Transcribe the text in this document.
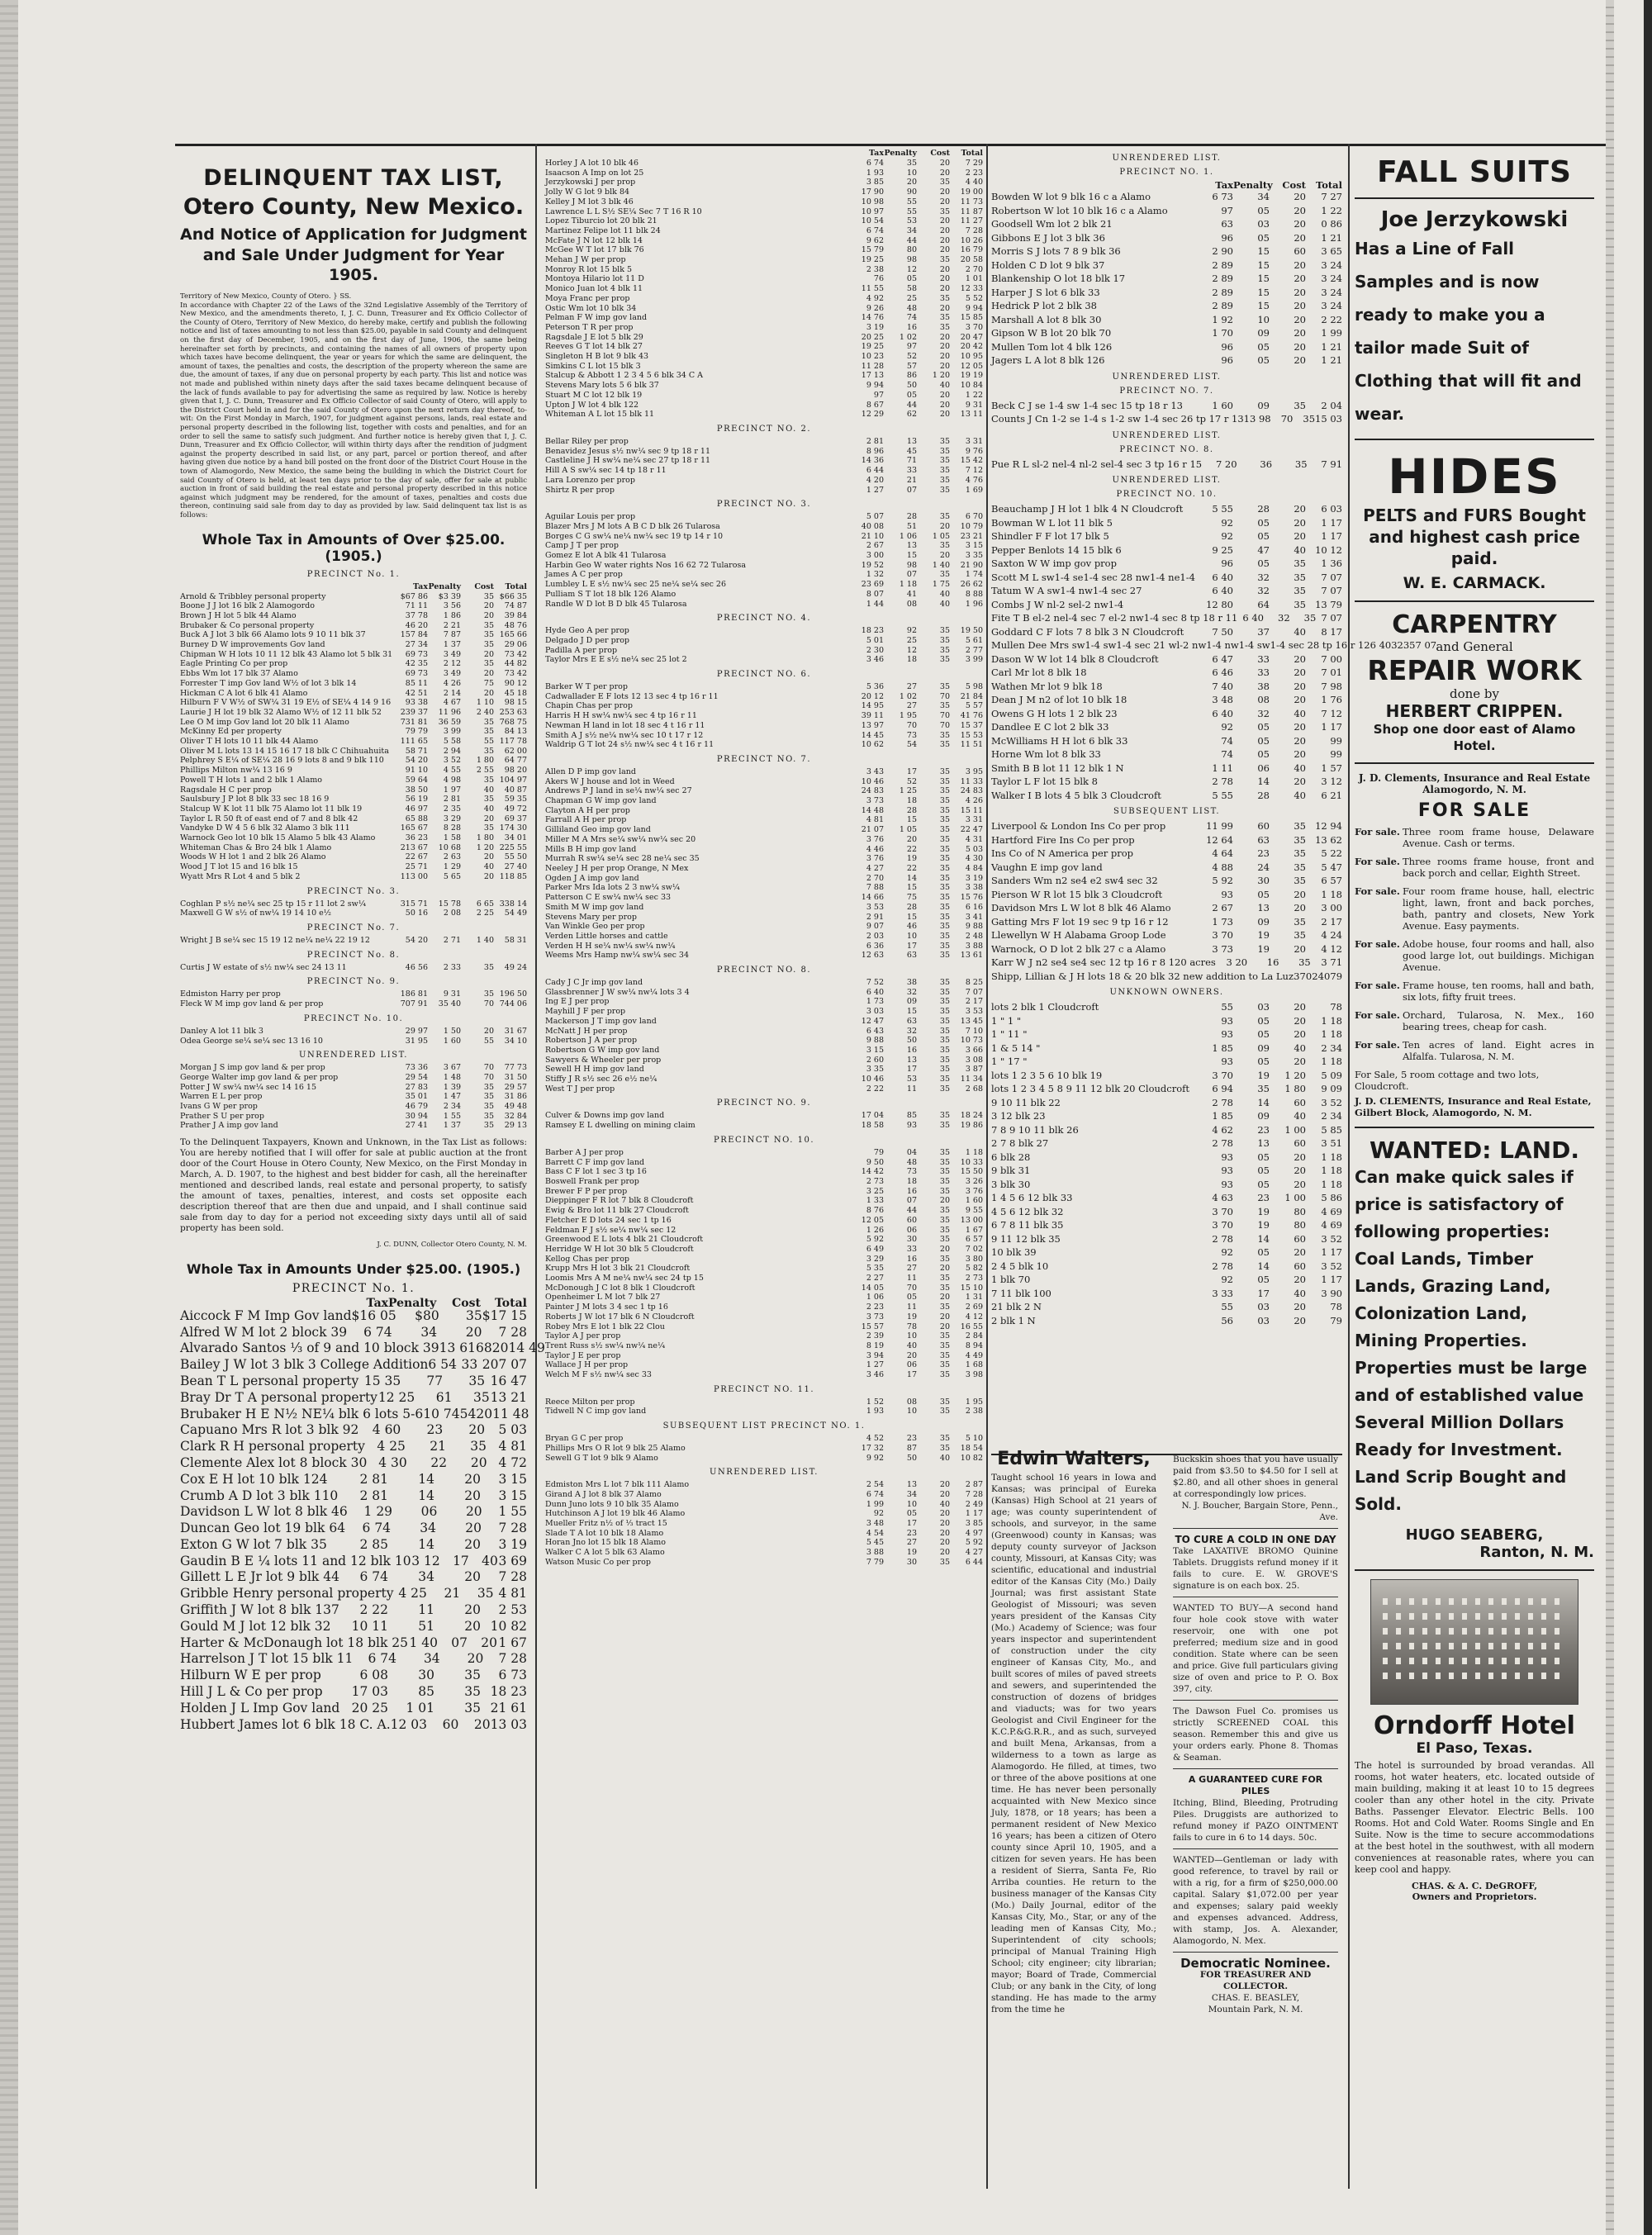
DELINQUENT TAX LIST,
Otero County, New Mexico.
And Notice of Application for Judgment and Sale Under Judgment for Year 1905.
Territory of New Mexico, County of Otero. } SS.
In accordance with Chapter 22 of the Laws of the 32nd Legislative Assembly of the Territory of New Mexico, and the amendments thereto, I, J. C. Dunn, Treasurer and Ex Officio Collector of the County of Otero, Territory of New Mexico, do hereby make, certify and publish the following notice and list of taxes amounting to not less than $25.00, payable in said County and delinquent on the first day of December, 1905, and on the first day of June, 1906, the same being hereinafter set forth by precincts, and containing the names of all owners of property upon which taxes have become delinquent, the year or years for which the same are delinquent, the amount of taxes, the penalties and costs, the description of the property whereon the same are due, the amount of taxes, if any due on personal property by each party. This list and notice was not made and published within ninety days after the said taxes became delinquent because of the lack of funds available to pay for advertising the same as required by law. Notice is hereby given that I, J. C. Dunn, Treasurer and Ex Officio Collector of said County of Otero, will apply to the District Court held in and for the said County of Otero upon the next return day thereof, to-wit: On the First Monday in March, 1907, for judgment against persons, lands, real estate and personal property described in the following list, together with costs and penalties, and for an order to sell the same to satisfy such judgment. And further notice is hereby given that I, J. C. Dunn, Treasurer and Ex Officio Collector, will within thirty days after the rendition of judgment against the property described in said list, or any part, parcel or portion thereof, and after having given due notice by a hand bill posted on the front door of the District Court House in the town of Alamogordo, New Mexico, the same being the building in which the District Court for said County of Otero is held, at least ten days prior to the day of sale, offer for sale at public auction in front of said building the real estate and personal property described in this notice against which judgment may be rendered, for the amount of taxes, penalties and costs due thereon, continuing said sale from day to day as provided by law. Said delinquent tax list is as follows:
Whole Tax in Amounts of Over $25.00. (1905.)
PRECINCT No. 1.
Tax Penalty	Cost	Total
Arnold & Tribbley personal property	$67 86	$3 39	35 $66 35
Boone J J lot 16 blk 2 Alamogordo	71 11	3 56	20	74 87
Brown J H lot 5 blk 44 Alamo	37 78	1 86	20	39 84
Brubaker & Co personal property	46 20	2 21	35	48 76
Buck A J lot 3 blk 66 Alamo lots 9 10 11 blk 37	157 84	7 87	35 165 66
Burney D W improvements Gov land	27 34	1 37	35	29 06
Chipman W H lots 10 11 12 blk 43 Alamo lot 5 blk 31	69 73	3 49	20	73 42
Eagle Printing Co per prop	42 35	2 12	35	44 82
Ebbs Wm lot 17 blk 37 Alamo	69 73	3 49	20	73 42
Forrester T imp Gov land W½ of lot 3 blk 14	85 11	4 26	75	90 12
Hickman C A lot 6 blk 41 Alamo	42 51	2 14	20	45 18
Hilburn F V W½ of SW¼ 31 19 E½ of SE¼ 4 14 9 16	93 38	4 67	1 10	98 15
Laurie J H lot 19 blk 32 Alamo W½ of 12 11 blk 52	239 37	11 96	2 40 253 63
Lee O M imp Gov land lot 20 blk 11 Alamo	731 81	36 59	35 768 75
McKinny Ed per property	79 79	3 99	35	84 13
Oliver T H lots 10 11 blk 44 Alamo	111 65	5 58	55 117 78
Oliver M L lots 13 14 15 16 17 18 blk C Chihuahuita	58 71	2 94	35	62 00
Pelphrey S E¼ of SE¼ 28 16 9 lots 8 and 9 blk 110	54 20	3 52	1 80	64 77
Phillips Milton nw¼ 13 16 9	91 10	4 55	2 55	98 20
Powell T H lots 1 and 2 blk 1 Alamo	59 64	4 98	35 104 97
Ragsdale H C per prop	38 50	1 97	40	40 87
Saulsbury J P lot 8 blk 33 sec 18 16 9	56 19	2 81	35	59 35
Stalcup W K lot 11 blk 75 Alamo lot 11 blk 19	46 97	2 35	40	49 72
Taylor L R 50 ft of east end of 7 and 8 blk 42	65 88	3 29	20	69 37
Vandyke D W 4 5 6 blk 32 Alamo 3 blk 111	165 67	8 28	35 174 30
Warnock Geo lot 10 blk 15 Alamo 5 blk 43 Alamo	36 23	1 58	1 80	34 01
Whiteman Chas & Bro 24 blk 1 Alamo	213 67	10 68	1 20 225 55
Woods W H lot 1 and 2 blk 26 Alamo	22 67	2 63	20	55 50
Wood J T lot 15 and 16 blk 15	25 71	1 29	40	27 40
Wyatt Mrs R Lot 4 and 5 blk 2	113 00	5 65	20 118 85
PRECINCT No. 3.
Coghlan P s½ ne¼ sec 25 tp 15 r 11 lot 2 sw¼	315 71	15 78	6 65 338 14
Maxwell G W s½ of nw¼ 19 14 10 e½	50 16	2 08	2 25	54 49
PRECINCT No. 7.
Wright J B se¼ sec 15 19 12 ne¼ ne¼ 22 19 12	54 20	2 71	1 40	58 31
PRECINCT No. 8.
Curtis J W estate of s½ nw¼ sec 24 13 11	46 56	2 33	35	49 24
PRECINCT No. 9.
Edmiston Harry per prop	186 81	9 31	35 196 50
Fleck W M imp gov land & per prop	707 91	35 40	70 744 06
PRECINCT No. 10.
Danley A lot 11 blk 3	29 97	1 50	20	31 67
Odea George se¼ se¼ sec 13 16 10	31 95	1 60	55	34 10
UNRENDERED LIST.
Morgan J S imp gov land & per prop	73 36	3 67	70	77 73
George Walter imp gov land & per prop	29 54	1 48	70	31 50
Potter J W sw¼ nw¼ sec 14 16 15	27 83	1 39	35	29 57
Warren E L per prop	35 01	1 47	35	31 86
Ivans G W per prop	46 79	2 34	35	49 48
Prather S U per prop	30 94	1 55	35	32 84
Prather J A imp gov land	27 41	1 37	35	29 13
To the Delinquent Taxpayers, Known and Unknown, in the Tax List as follows: You are hereby notified that I will offer for sale at public auction at the front door of the Court House in Otero County, New Mexico, on the First Monday in March, A. D. 1907, to the highest and best bidder for cash, all the hereinafter mentioned and described lands, real estate and personal property, to satisfy the amount of taxes, penalties, interest, and costs set opposite each description thereof that are then due and unpaid, and I shall continue said sale from day to day for a period not exceeding sixty days until all of said property has been sold.
J. C. DUNN, Collector Otero County, N. M.
Whole Tax in Amounts Under $25.00. (1905.)
PRECINCT No. 1.
Tax Penalty	Cost	Total
Aiccock F M Imp Gov land $16 05	$80	35 $17 15
Alfred W M lot 2 block 39	6 74	34	20	7 28
Alvarado Santos ⅓ of 9 and 10 block 39 13 61 68 20 14 49
Bailey J W lot 3 blk 3 College Addition 6 54 33 20 7 07
Bean T L personal property 15 35	77	35 16 47
Bray Dr T A personal property 12 25	61	35 13 21
Brubaker H E N½ NE¼ blk 6 lots 5-6 10 74 54 20 11 48
Capuano Mrs R lot 3 blk 92	4 60	23	20	5 03
Clark R H personal property 4 25	21	35 4 81
Clemente Alex lot 8 block 30 4 30	22	20 4 72
Cox E H lot 10 blk 124	2 81	14	20	3 15
Crumb A D lot 3 blk 110	2 81	14	20	3 15
Davidson L W lot 8 blk 46	1 29	06	20	1 55
Duncan Geo lot 19 blk 64	6 74	34	20	7 28
Exton G W lot 7 blk 35	2 85	14	20	3 19
Gaudin B E ¼ lots 11 and 12 blk 10 3 12 17 40 3 69
Gillett L E Jr lot 9 blk 44	6 74	34	20	7 28
Gribble Henry personal property 4 25	21	35 4 81
Griffith J W lot 8 blk 137	2 22	11	20	2 53
Gould M J lot 12 blk 32	10 11	51	20 10 82
Harter & McDonaugh lot 18 blk 25 1 40	07	20 1 67
Harrelson J T lot 15 blk 11	6 74	34	20	7 28
Hilburn W E per prop	6 08	30	35	6 73
Hill J L & Co per prop	17 03	85	35 18 23
Holden J L Imp Gov land 20 25	1 01	35 21 61
Hubbert James lot 6 blk 18 C. A. 12 03	60	20 13 03
Tax Penalty	Cost	Total
Horley J A lot 10 blk 46	6 74	35	20	7 29
Isaacson A Imp on lot 25	1 93	10	20	2 23
Jerzykowski J per prop	3 85	20	35	4 40
Jolly W G lot 9 blk 84	17 90	90	20	19 00
Kelley J M lot 3 blk 46	10 98	55	20	11 73
Lawrence L L S½ SE¼ Sec 7 T 16 R 10	10 97	55	35	11 87
Lopez Tiburcio lot 20 blk 21	10 54	53	20	11 27
Martinez Felipe lot 11 blk 24	6 74	34	20	7 28
McFate J N lot 12 blk 14	9 62	44	20	10 26
McGee W T lot 17 blk 76	15 79	80	20	16 79
Mehan J W per prop	19 25	98	35	20 58
Monroy R lot 15 blk 5	2 38	12	20	2 70
Montoya Hilario lot 11 D	76	05	20	1 01
Monico Juan lot 4 blk 11	11 55	58	20	12 33
Moya Franc per prop	4 92	25	35	5 52
Ostic Wm lot 10 blk 34	9 26	48	20	9 94
Pelman F W imp gov land	14 76	74	35	15 85
Peterson T R per prop	3 19	16	35	3 70
Ragsdale J E lot 5 blk 29	20 25	1 02	20	20 47
Reeves G T lot 14 blk 27	19 25	97	20	20 42
Singleton H B lot 9 blk 43	10 23	52	20	10 95
Simkins C L lot 15 blk 3	11 28	57	20	12 05
Stalcup & Abbott 1 2 3 4 5 6 blk 34 C A	17 13	86	1 20	19 19
Stevens Mary lots 5 6 blk 37	9 94	50	40	10 84
Stuart M C lot 12 blk 19	97	05	20	1 22
Upton J W lot 4 blk 122	8 67	44	20	9 31
Whiteman A L lot 15 blk 11	12 29	62	20	13 11
PRECINCT NO. 2.
Bellar Riley per prop	2 81	13	35	3 31
Benavidez Jesus s½ nw¼ sec 9 tp 18 r 11	8 96	45	35	9 76
Castleline J H sw¼ ne¼ sec 27 tp 18 r 11	14 36	71	35	15 42
Hill A S sw¼ sec 14 tp 18 r 11	6 44	33	35	7 12
Lara Lorenzo per prop	4 20	21	35	4 76
Shirtz R per prop	1 27	07	35	1 69
PRECINCT NO. 3.
Aguilar Louis per prop	5 07	28	35	6 70
Blazer Mrs J M lots A B C D blk 26 Tularosa	40 08	51	20	10 79
Borges C G sw¼ ne¼ nw¼ sec 19 tp 14 r 10	21 10	1 06	1 05	23 21
Camp J T per prop	2 67	13	35	3 15
Gomez E lot A blk 41 Tularosa	3 00	15	20	3 35
Harbin Geo W water rights Nos 16 62 72 Tularosa	19 52	98	1 40	21 90
James A C per prop	1 32	07	35	1 74
Lumbley L E s½ nw¼ sec 25 ne¼ se¼ sec 26	23 69	1 18	1 75	26 62
Pulliam S T lot 18 blk 126 Alamo	8 07	41	40	8 88
Randle W D lot B D blk 45 Tularosa	1 44	08	40	1 96
PRECINCT NO. 4.
Hyde Geo A per prop	18 23	92	35	19 50
Delgado J D per prop	5 01	25	35	5 61
Padilla A per prop	2 30	12	35	2 77
Taylor Mrs E E s½ ne¼ sec 25 lot 2	3 46	18	35	3 99
PRECINCT NO. 6.
Barker W T per prop	5 36	27	35	5 98
Cadwallader E F lots 12 13 sec 4 tp 16 r 11	20 12	1 02	70	21 84
Chapin Chas per prop	14 95	27	35	5 57
Harris H H sw¼ nw¼ sec 4 tp 16 r 11	39 11	1 95	70	41 76
Newman H land in lot 18 sec 4 t 16 r 11	13 97	70	70	15 37
Smith A J s½ ne¼ nw¼ sec 10 t 17 r 12	14 45	73	35	15 53
Waldrip G T lot 24 s½ nw¼ sec 4 t 16 r 11	10 62	54	35	11 51
PRECINCT NO. 7.
Allen D P imp gov land	3 43	17	35	3 95
Akers W J house and lot in Weed	10 46	52	35	11 33
Andrews P J land in se¼ nw¼ sec 27	24 83	1 25	35	24 83
Chapman G W imp gov land	3 73	18	35	4 26
Clayton A H per prop	14 48	28	35	15 11
Farrall A H per prop	4 81	15	35	3 31
Gilliland Geo imp gov land	21 07	1 05	35	22 47
Miller M A Mrs se¼ sw¼ nw¼ sec 20	3 76	20	35	4 31
Mills B H imp gov land	4 46	22	35	5 03
Murrah R sw¼ se¼ sec 28 ne¼ sec 35	3 76	19	35	4 30
Neeley J H per prop Orange, N Mex	4 27	22	35	4 84
Ogden J A imp gov land	2 70	14	35	3 19
Parker Mrs Ida lots 2 3 nw¼ sw¼	7 88	15	35	3 38
Patterson C E sw¼ nw¼ sec 33	14 66	75	35	15 76
Smith M W imp gov land	3 53	28	35	6 16
Stevens Mary per prop	2 91	15	35	3 41
Van Winkle Geo per prop	9 07	46	35	9 88
Verden Little horses and cattle	2 03	10	35	2 48
Verden H H se¼ nw¼ sw¼ nw¼	6 36	17	35	3 88
Weems Mrs Hamp nw¼ sw¼ sec 34	12 63	63	35	13 61
PRECINCT NO. 8.
Cady J C Jr imp gov land	7 52	38	35	8 25
Glassbrenner J W sw¼ nw¼ lots 3 4	6 40	32	35	7 07
Ing E J per prop	1 73	09	35	2 17
Mayhill J F per prop	3 03	15	35	3 53
Mackerson J T imp gov land	12 47	63	35	13 45
McNatt J H per prop	6 43	32	35	7 10
Robertson J A per prop	9 88	50	35	10 73
Robertson G W imp gov land	3 15	16	35	3 66
Sawyers & Wheeler per prop	2 60	13	35	3 08
Sewell H H imp gov land	3 35	17	35	3 87
Stiffy J R s½ sec 26 e½ ne¼	10 46	53	35	11 34
West T J per prop	2 22	11	35	2 68
PRECINCT NO. 9.
Culver & Downs imp gov land	17 04	85	35	18 24
Ramsey E L dwelling on mining claim	18 58	93	35	19 86
PRECINCT NO. 10.
Barber A J per prop	79	04	35	1 18
Barrett C F imp gov land	9 50	48	35	10 33
Bass C F lot 1 sec 3 tp 16	14 42	73	35	15 50
Boswell Frank per prop	2 73	18	35	3 26
Brewer F P per prop	3 25	16	35	3 76
Dieppinger F R lot 7 blk 8 Cloudcroft	1 33	07	20	1 60
Ewig & Bro lot 11 blk 27 Cloudcroft	8 76	44	35	9 55
Fletcher E D lots 24 sec 1 tp 16	12 05	60	35	13 00
Feldman F J s½ se¼ nw¼ sec 12	1 26	06	35	1 67
Greenwood E L lots 4 blk 21 Cloudcroft	5 92	30	35	6 57
Herridge W H lot 30 blk 5 Cloudcroft	6 49	33	20	7 02
Kellog Chas per prop	3 29	16	35	3 80
Krupp Mrs H lot 3 blk 21 Cloudcroft	5 35	27	20	5 82
Loomis Mrs A M ne¼ nw¼ sec 24 tp 15	2 27	11	35	2 73
McDonough J C lot 8 blk 1 Cloudcroft	14 05	70	35	15 10
Openheimer L M lot 7 blk 27	1 06	05	20	1 31
Painter J M lots 3 4 sec 1 tp 16	2 23	11	35	2 69
Roberts J W lot 17 blk 6 N Cloudcroft	3 73	19	20	4 12
Robey Mrs E lot 1 blk 22 Clou	15 57	78	20	16 55
Taylor A J per prop	2 39	10	35	2 84
Trent Russ s½ sw¼ nw¼ ne¼	8 19	40	35	8 94
Taylor J E per prop	3 94	20	35	4 49
Wallace J H per prop	1 27	06	35	1 68
Welch M F s½ nw¼ sec 33	3 46	17	35	3 98
PRECINCT NO. 11.
Reece Milton per prop	1 52	08	35	1 95
Tidwell N C imp gov land	1 93	10	35	2 38
SUBSEQUENT LIST PRECINCT NO. 1.
Bryan G C per prop	4 52	23	35	5 10
Phillips Mrs O R lot 9 blk 25 Alamo	17 32	87	35	18 54
Sewell G T lot 9 blk 9 Alamo	9 92	50	40	10 82
UNRENDERED LIST.
Edmiston Mrs L lot 7 blk 111 Alamo	2 54	13	20	2 87
Girand A J lot 8 blk 37 Alamo	6 74	34	20	7 28
Dunn Juno lots 9 10 blk 35 Alamo	1 99	10	40	2 49
Hutchinson A J lot 19 blk 46 Alamo	92	05	20	1 17
Mueller Fritz n½ of ⅓ tract 15	3 48	17	20	3 85
Slade T A lot 10 blk 18 Alamo	4 54	23	20	4 97
Horan Jno lot 15 blk 18 Alamo	5 45	27	20	5 92
Walker C A lot 5 blk 63 Alamo	3 88	19	20	4 27
Watson Music Co per prop	7 79	30	35	6 44
UNRENDERED LIST.
PRECINCT NO. 1.
Tax Penalty	Cost	Total
Bowden W lot 9 blk 16 c a Alamo	6 73	34	20	7 27
Robertson W lot 10 blk 16 c a Alamo	97	05	20	1 22
Goodsell Wm lot 2 blk 21	63	03	20	0 86
Gibbons E J lot 3 blk 36	96	05	20	1 21
Morris S J lots 7 8 9 blk 36	2 90	15	60	3 65
Holden C D lot 9 blk 37	2 89	15	20	3 24
Blankenship O lot 18 blk 17	2 89	15	20	3 24
Harper J S lot 6 blk 33	2 89	15	20	3 24
Hedrick P lot 2 blk 38	2 89	15	20	3 24
Marshall A lot 8 blk 30	1 92	10	20	2 22
Gipson W B lot 20 blk 70	1 70	09	20	1 99
Mullen Tom lot 4 blk 126	96	05	20	1 21
Jagers L A lot 8 blk 126	96	05	20	1 21
UNRENDERED LIST.
PRECINCT NO. 7.
Beck C J se 1-4 sw 1-4 sec 15 tp 18 r 13	1 60	09	35	2 04
Counts J Cn 1-2 se 1-4 s 1-2 sw 1-4 sec 26 tp 17 r 13 13 98	70	35 15 03
UNRENDERED LIST.
PRECINCT NO. 8.
Pue R L sl-2 nel-4 nl-2 sel-4 sec 3 tp 16 r 15	7 20	36	35	7 91
UNRENDERED LIST.
PRECINCT NO. 10.
Beauchamp J H lot 1 blk 4 N Cloudcroft	5 55	28	20	6 03
Bowman W L lot 11 blk 5	92	05	20	1 17
Shindler F F lot 17 blk 5	92	05	20	1 17
Pepper Benlots 14 15 blk 6	9 25	47	40 10 12
Saxton W W imp gov prop	96	05	35	1 36
Scott M L sw1-4 se1-4 sec 28 nw1-4 ne1-4	6 40	32	35	7 07
Tatum W A sw1-4 nw1-4 sec 27	6 40	32	35	7 07
Combs J W nl-2 sel-2 nw1-4	12 80	64	35 13 79
Fite T B el-2 nel-4 sec 7 el-2 nw1-4 sec 8 tp 18 r 11 6 40	32	35 7 07
Goddard C F lots 7 8 blk 3 N Cloudcroft	7 50	37	40	8 17
Mullen Dee Mrs sw1-4 sw1-4 sec 21 wl-2 nw1-4 nw1-4 sw1-4 sec 28 tp 16 r 12 6 40 32 35 7 07
Dason W W lot 14 blk 8 Cloudcroft	6 47	33	20	7 00
Carl Mr lot 8 blk 18	6 46	33	20	7 01
Wathen Mr lot 9 blk 18	7 40	38	20	7 98
Dean J M n2 of lot 10 blk 18	3 48	08	20	1 76
Owens G H lots 1 2 blk 23	6 40	32	40	7 12
Dandlee E C lot 2 blk 33	92	05	20	1 17
McWilliams H H lot 6 blk 33	74	05	20	99
Horne Wm lot 8 blk 33	74	05	20	99
Smith B B lot 11 12 blk 1 N	1 11	06	40	1 57
Taylor L F lot 15 blk 8	2 78	14	20	3 12
Walker I B lots 4 5 blk 3 Cloudcroft	5 55	28	40	6 21
SUBSEQUENT LIST.
Liverpool & London Ins Co per prop	11 99	60	35 12 94
Hartford Fire Ins Co per prop	12 64	63	35 13 62
Ins Co of N America per prop	4 64	23	35	5 22
Vaughn E imp gov land	4 88	24	35	5 47
Sanders Wm n2 se4 e2 sw4 sec 32	5 92	30	35	6 57
Pierson W R lot 15 blk 3 Cloudcroft	93	05	20	1 18
Davidson Mrs L W lot 8 blk 46 Alamo	2 67	13	20	3 00
Gatting Mrs F lot 19 sec 9 tp 16 r 12	1 73	09	35	2 17
Llewellyn W H Alabama Groop Lode	3 70	19	35	4 24
Warnock, O D lot 2 blk 27 c a Alamo	3 73	19	20	4 12
Karr W J n2 se4 se4 sec 12 tp 16 r 8 120 acres	3 20	16	35	3 71
Shipp, Lillian & J H lots 18 & 20 blk 32 new addition to La Luz 37 02 40 79
UNKNOWN OWNERS.
lots 2 blk 1 Cloudcroft	55	03	20	78
1 " 1 "	93	05	20	1 18
1 " 11 "	93	05	20	1 18
1 & 5 14 "	1 85	09	40	2 34
1 " 17 "	93	05	20	1 18
lots 1 2 3 5 6 10 blk 19	3 70	19	1 20	5 09
lots 1 2 3 4 5 8 9 11 12 blk 20 Cloudcroft	6 94	35	1 80	9 09
9 10 11 blk 22	2 78	14	60	3 52
3 12 blk 23	1 85	09	40	2 34
7 8 9 10 11 blk 26	4 62	23	1 00	5 85
2 7 8 blk 27	2 78	13	60	3 51
6 blk 28	93	05	20	1 18
9 blk 31	93	05	20	1 18
3 blk 30	93	05	20	1 18
1 4 5 6 12 blk 33	4 63	23	1 00	5 86
4 5 6 12 blk 32	3 70	19	80	4 69
6 7 8 11 blk 35	3 70	19	80	4 69
9 11 12 blk 35	2 78	14	60	3 52
10 blk 39	92	05	20	1 17
2 4 5 blk 10	2 78	14	60	3 52
1 blk 70	92	05	20	1 17
7 11 blk 100	3 33	17	40	3 90
21 blk 2 N	55	03	20	78
2 blk 1 N	56	03	20	79
Edwin Walters,
Taught school 16 years in Iowa and Kansas; was principal of Eureka (Kansas) High School at 21 years of age; was county superintendent of schools, and surveyor, in the same (Greenwood) county in Kansas; was deputy county surveyor of Jackson county, Missouri, at Kansas City; was scientific, educational and industrial editor of the Kansas City (Mo.) Daily Journal; was first assistant State Geologist of Missouri; was seven years president of the Kansas City (Mo.) Academy of Science; was four years inspector and superintendent of construction under the city engineer of Kansas City, Mo., and built scores of miles of paved streets and sewers, and superintended the construction of dozens of bridges and viaducts; was for two years Geologist and Civil Engineer for the K.C.P.&G.R.R., and as such, surveyed and built Mena, Arkansas, from a wilderness to a town as large as Alamogordo. He filled, at times, two or three of the above positions at one time. He has never been personally acquainted with New Mexico since July, 1878, or 18 years; has been a permanent resident of New Mexico 16 years; has been a citizen of Otero county since April 10, 1905, and a citizen for seven years. He has been a resident of Sierra, Santa Fe, Rio Arriba counties. He return to the business manager of the Kansas City (Mo.) Daily Journal, editor of the Kansas City, Mo., Star, or any of the leading men of Kansas City, Mo.; Superintendent of city schools; principal of Manual Training High School; city engineer; city librarian; mayor; Board of Trade, Commercial Club; or any bank in the City, of long standing. He has made to the army from the time he
Buckskin shoes that you have usually paid from $3.50 to $4.50 for I sell at $2.80, and all other shoes in general at correspondingly low prices.
N. J. Boucher, Bargain Store, Penn., Ave.
TO CURE A COLD IN ONE DAY
Take LAXATIVE BROMO Quinine Tablets. Druggists refund money if it fails to cure. E. W. GROVE'S signature is on each box. 25.
WANTED TO BUY—A second hand four hole cook stove with water reservoir, one with one pot preferred; medium size and in good condition. State where can be seen and price. Give full particulars giving size of oven and price to P. O. Box 397, city.
The Dawson Fuel Co. promises us strictly SCREENED COAL this season. Remember this and give us your orders early. Phone 8. Thomas & Seaman.
A GUARANTEED CURE FOR PILES
Itching, Blind, Bleeding, Protruding Piles. Druggists are authorized to refund money if PAZO OINTMENT fails to cure in 6 to 14 days. 50c.
WANTED—Gentleman or lady with good reference, to travel by rail or with a rig, for a firm of $250,000.00 capital. Salary $1,072.00 per year and expenses; salary paid weekly and expenses advanced. Address, with stamp, Jos. A. Alexander, Alamogordo, N. Mex.
Democratic Nominee.
FOR TREASURER AND COLLECTOR.
CHAS. E. BEASLEY,
Mountain Park, N. M.
FALL SUITS
Joe Jerzykowski
Has a Line of Fall Samples and is now ready to make you a tailor made Suit of Clothing that will fit and wear.
HIDES
PELTS and FURS Bought and highest cash price paid.
W. E. CARMACK.
CARPENTRY
and General
REPAIR WORK
done by
HERBERT CRIPPEN.
Shop one door east of Alamo Hotel.
J. D. Clements, Insurance and Real Estate Alamogordo, N. M.
FOR SALE
For sale. Three room frame house, Delaware Avenue. Cash or terms.
For sale. Three rooms frame house, front and back porch and cellar, Eighth Street.
For sale. Four room frame house, hall, electric light, lawn, front and back porches, bath, pantry and closets, New York Avenue. Easy payments.
For sale. Adobe house, four rooms and hall, also good large lot, out buildings. Michigan Avenue.
For sale. Frame house, ten rooms, hall and bath, six lots, fifty fruit trees.
For sale. Orchard, Tularosa, N. Mex., 160 bearing trees, cheap for cash.
For sale. Ten acres of land. Eight acres in Alfalfa. Tularosa, N. M.
For Sale, 5 room cottage and two lots, Cloudcroft.
J. D. CLEMENTS, Insurance and Real Estate, Gilbert Block, Alamogordo, N. M.
WANTED: LAND.
Can make quick sales if price is satisfactory of following properties: Coal Lands, Timber Lands, Grazing Land, Colonization Land, Mining Properties. Properties must be large and of established value Several Million Dollars Ready for Investment. Land Scrip Bought and Sold.
HUGO SEABERG,
Ranton, N. M.
Orndorff Hotel
El Paso, Texas.
The hotel is surrounded by broad verandas. All rooms, hot water heaters, etc. located outside of main building, making it at least 10 to 15 degrees cooler than any other hotel in the city. Private Baths. Passenger Elevator. Electric Bells. 100 Rooms. Hot and Cold Water. Rooms Single and En Suite. Now is the time to secure accommodations at the best hotel in the southwest, with all modern conveniences at reasonable rates, where you can keep cool and happy.
CHAS. & A. C. DeGROFF,
Owners and Proprietors.
